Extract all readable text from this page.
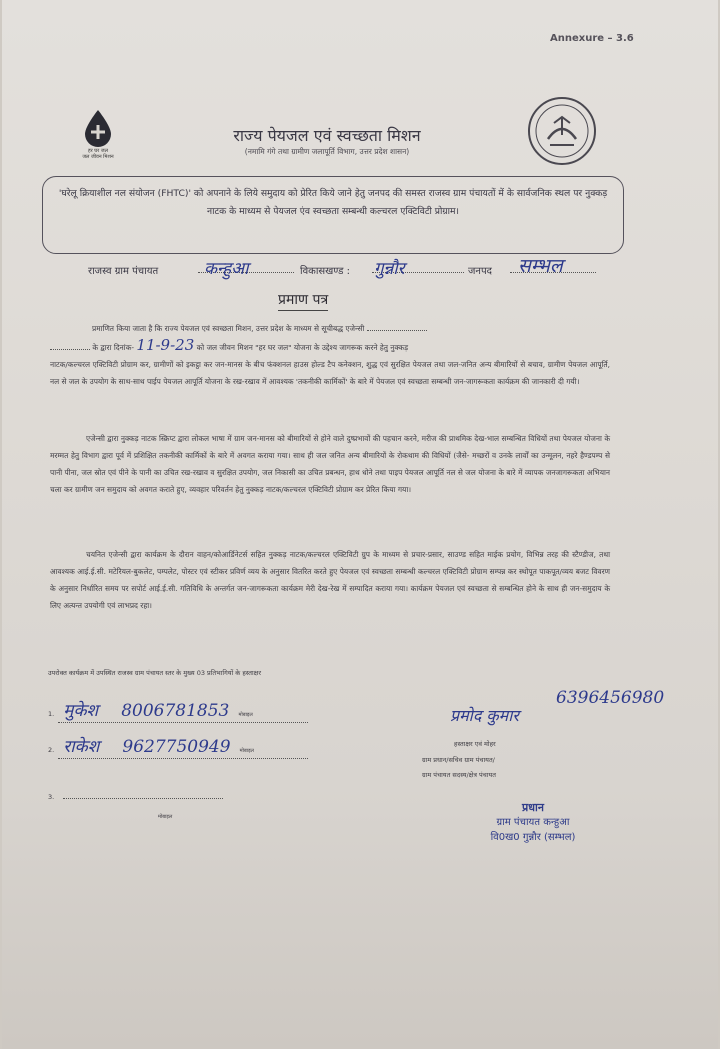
Annexure – 3.6
हर घर जल
जल जीवन मिशन
राज्य पेयजल एवं स्वच्छता मिशन
(नमामि गंगे तथा ग्रामीण जलापूर्ति विभाग, उत्तर प्रदेश शासन)
'घरेलू क्रियाशील नल संयोजन (FHTC)' को अपनाने के लिये समुदाय को प्रेरित किये जाने हेतु जनपद की समस्त राजस्व ग्राम पंचायतों में के सार्वजनिक स्थल पर नुक्कड़ नाटक के माध्यम से पेयजल एंव स्वच्छता सम्बन्धी कल्चरल एक्टिविटी प्रोग्राम।
राजस्व ग्राम पंचायत	कन्हुआ	विकासखण्ड : गुन्नौर	जनपद सम्भल
प्रमाण पत्र
प्रमाणित किया जाता है कि राज्य पेयजल एवं स्वच्छता मिशन, उत्तर प्रदेश के माध्यम से सूचीबद्ध एजेन्सी
के द्वारा दिनांक- 11-9-23 को जल जीवन मिशन "हर घर जल" योजना के उद्देश्य जागरूक करने हेतु नुक्कड़
नाटक/कल्चरल एक्टिविटी प्रोग्राम कर, ग्रामीणों को इकट्ठा कर जन-मानस के बीच फंक्शनल हाउस होल्ड टैप कनेक्शन, शुद्ध एवं सुरक्षित पेयजल तथा जल-जनित अन्य बीमारियों से बचाव, ग्रामीण पेयजल आपूर्ति, नल से जल के उपयोग के साथ-साथ पाईप पेयजल आपूर्ति योजना के रख-रखाव में आवश्यक 'तकनीकी कार्मिकों' के बारे में पेयजल एवं स्वच्छता सम्बन्धी जन-जागरूकता कार्यक्रम की जानकारी दी गयी।
एजेन्सी द्वारा नुक्कड़ नाटक स्क्रिप्ट द्वारा लोकल भाषा में ग्राम जन-मानस को बीमारियों से होने वाले दुष्प्रभावों की पहचान करने, मरीज की प्राथमिक देख-भाल सम्बन्धित विधियों तथा पेयजल योजना के मरम्मत हेतु विभाग द्वारा पूर्व में प्रशिक्षित तकनीकी कार्मिकों के बारे में अवगत कराया गया। साथ ही जल जनित अन्य बीमारियों के रोकथाम की विधियों (जैसे- मच्छरों व उनके लार्वों का उन्मूलन, नहरे हैण्डपम्प से पानी पीना, जल स्रोत एवं पीने के पानी का उचित रख-रखाव व सुरक्षित उपयोग, जल निकासी का उचित प्रबन्धन, हाथ धोने तथा पाइप पेयजल आपूर्ति नल से जल योजना के बारे में व्यापक जनजागरूकता अभियान चला कर ग्रामीण जन समुदाय को अवगत कराते हुए, व्यवहार परिवर्तन हेतु नुक्कड़ नाटक/कल्चरल एक्टिविटी प्रोग्राम कर प्रेरित किया गया।
चयनित एजेन्सी द्वारा कार्यक्रम के दौरान वाहन/कोआर्डिनेटर्स सहित नुक्कड़ नाटक/कल्चरल एक्टिविटी ग्रुप के माध्यम से प्रचार-प्रसार, साउण्ड सहित माईक प्रयोग, विभिन्न तरह की स्टैण्डीज, तथा आवश्यक आई.ई.सी. मटेरियल-बुकलेट, पम्पलेट, पोस्टर एवं स्टीकर प्रविर्ण व्यय के अनुसार वितरित करते हुए पेयजल एवं स्वच्छता सम्बन्धी कल्चरल एक्टिविटी प्रोग्राम सम्पन्न कर स्थोपूत पाकपूत/व्यय बजट विवरण के अनुसार निर्धारित समय पर सपोर्ट आई.ई.सी. गतिविधि के अन्तर्गत जन-जागरूकता कार्यक्रम मेरी देख-रेख में सम्पादित कराया गया। कार्यक्रम पेयजल एवं स्वच्छता से सम्बन्धित होने के साथ ही जन-समुदाय के लिए अत्यन्त उपयोगी एवं लाभप्रद रहा।
उपरोक्त कार्यक्रम में उपस्थित राजस्व ग्राम पंचायत स्तर के मुख्य 03 प्रतिभागियों के हस्ताक्षर
1. मुकेश 8006781853 मोबाइल
2. राकेश 9627750949 मोबाइल
3.  मोबाइल
प्रमोद कुमार
6396456980
हस्ताक्षर एवं मोहर
ग्राम प्रधान/सचिव ग्राम पंचायत/
ग्राम पंचायत सदस्य/क्षेत्र पंचायत
प्रधान
ग्राम पंचायत कन्हुआ
वि0ख0 गुन्नौर (सम्भल)
